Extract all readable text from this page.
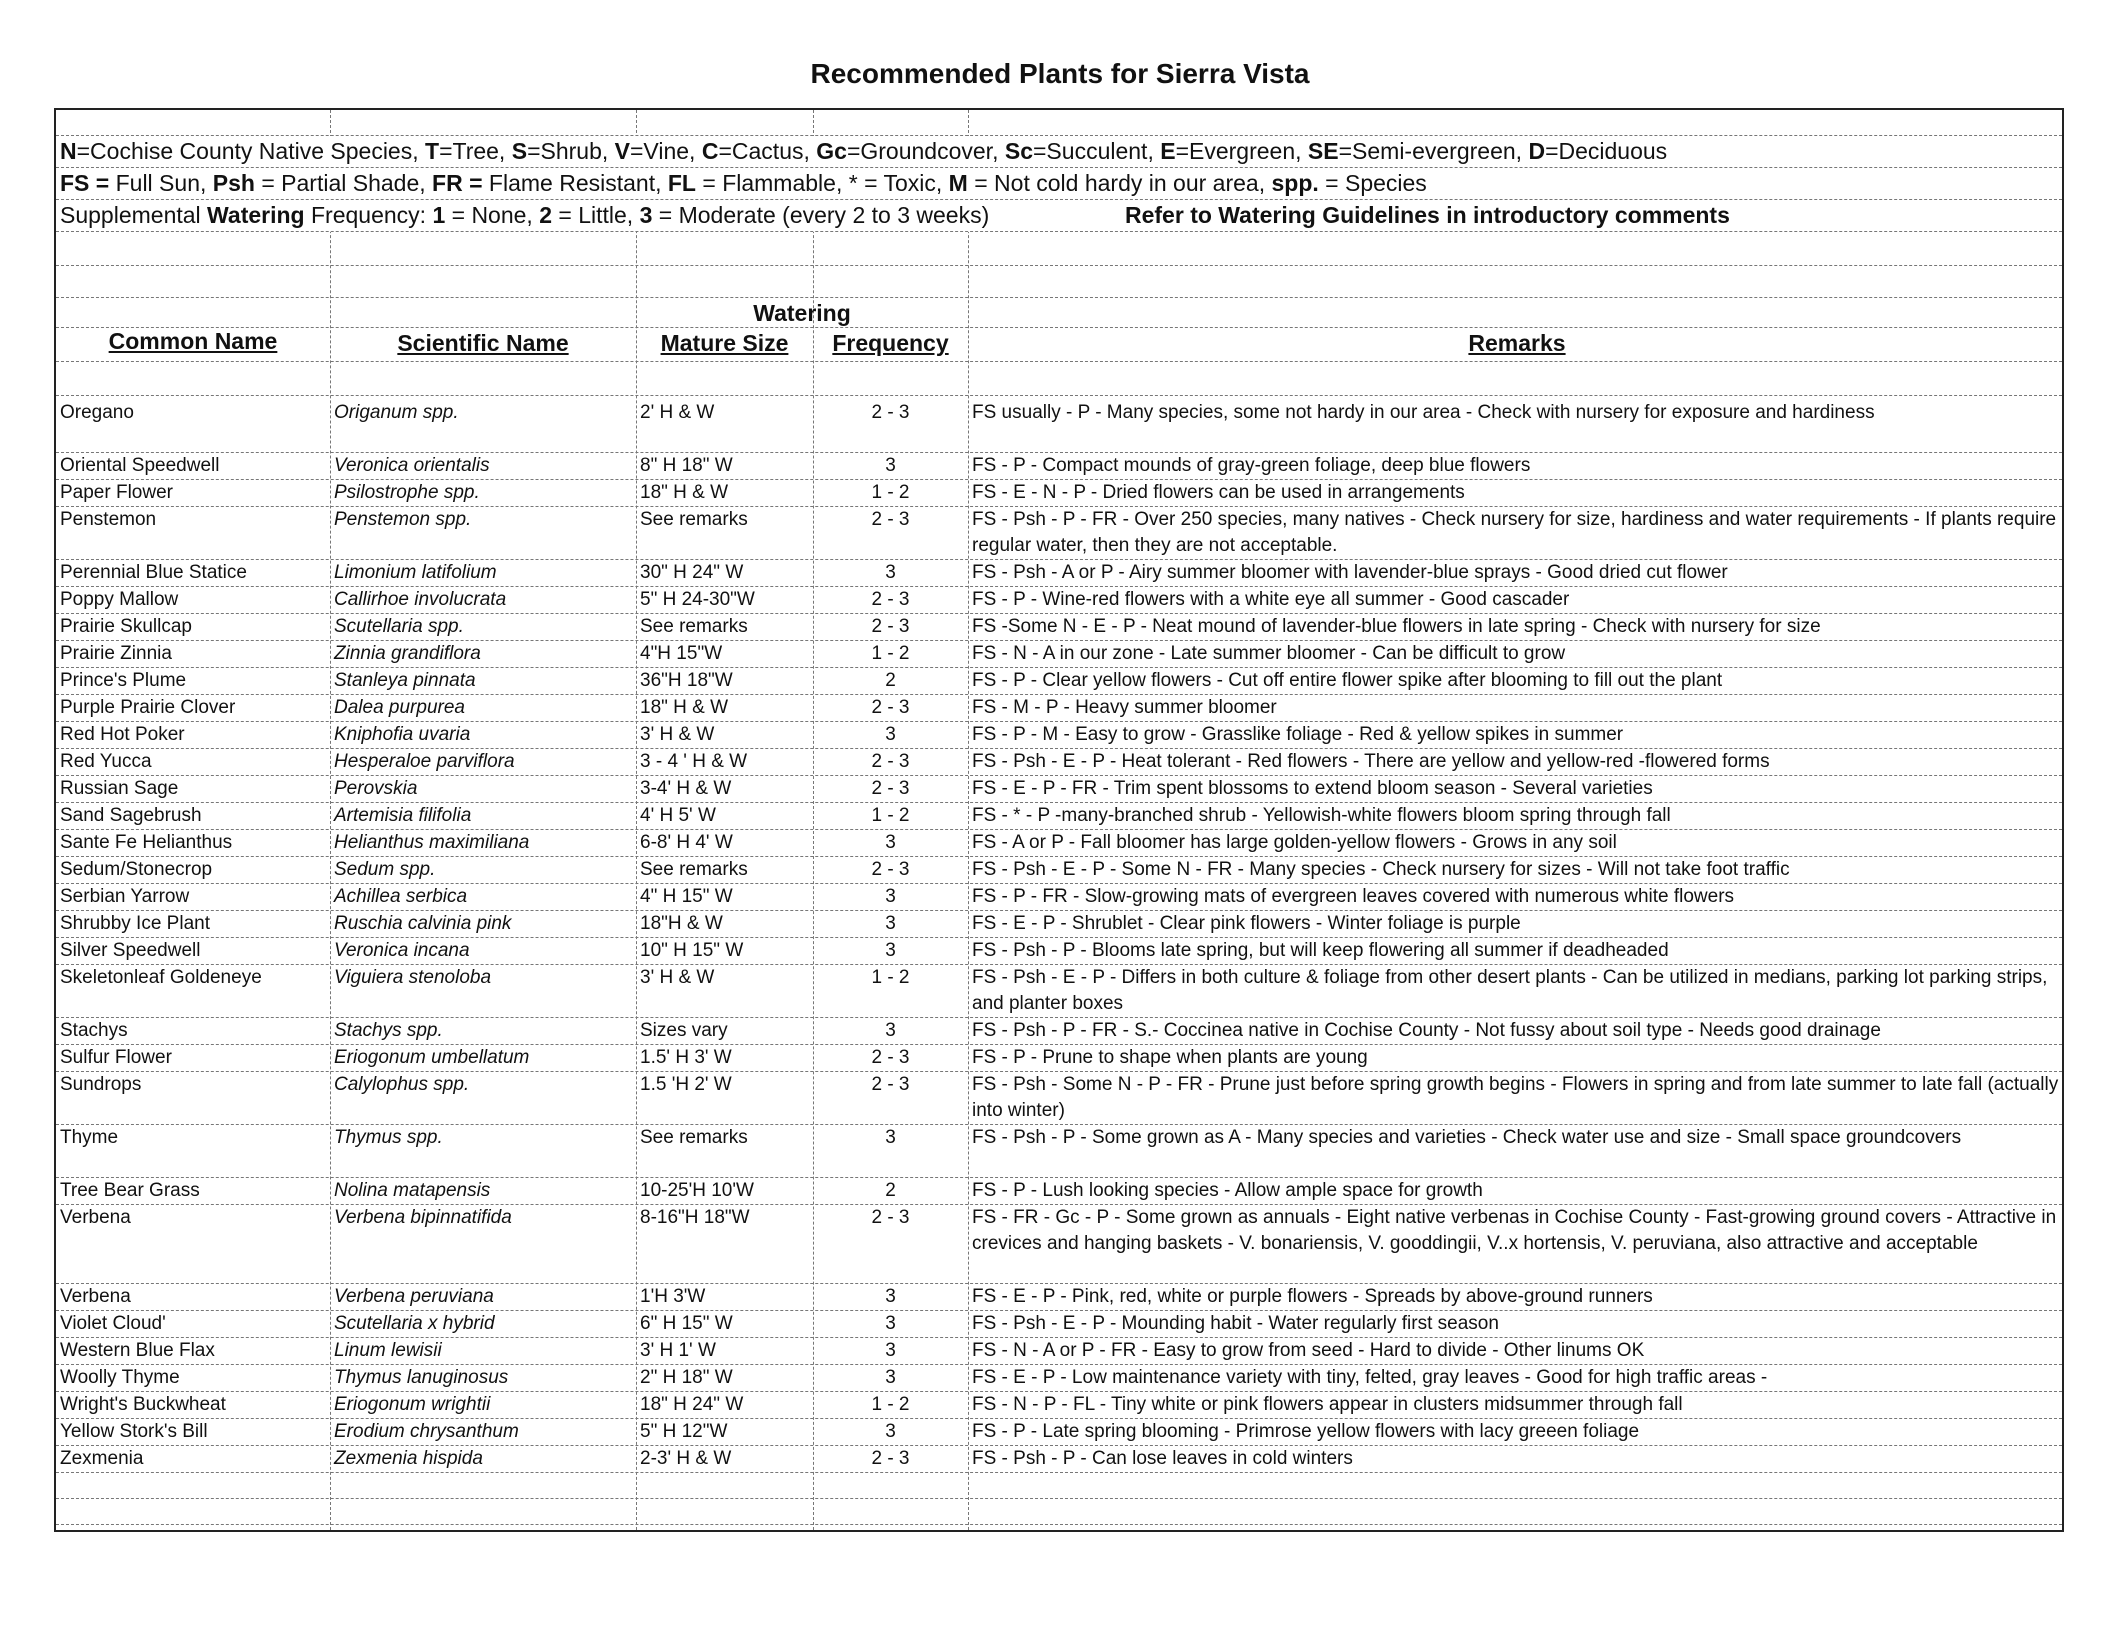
Recommended Plants for Sierra Vista
N=Cochise County Native Species, T=Tree, S=Shrub, V=Vine, C=Cactus, Gc=Groundcover, Sc=Succulent, E=Evergreen, SE=Semi-evergreen, D=Deciduous
FS = Full Sun, Psh = Partial Shade, FR = Flame Resistant, FL = Flammable, * = Toxic, M = Not cold hardy in our area, spp. = Species
Supplemental Watering Frequency: 1 = None, 2 = Little, 3 = Moderate (every 2 to 3 weeks)	Refer to Watering Guidelines in introductory comments
Watering
Common Name	Scientific Name	Mature Size	Frequency	Remarks
Oregano	Origanum spp.	2' H & W	2 - 3	FS usually - P - Many species, some not hardy in our area - Check with nursery for exposure and hardiness
Oriental Speedwell	Veronica orientalis	8" H 18" W	3	FS - P - Compact mounds of gray-green foliage, deep blue flowers
Paper Flower	Psilostrophe spp.	18" H & W	1 - 2	FS - E - N - P - Dried flowers can be used in arrangements
Penstemon	Penstemon spp.	See remarks	2 - 3	FS - Psh - P - FR - Over 250 species, many natives - Check nursery for size, hardiness and water requirements - If plants require regular water, then they are not acceptable.
Perennial Blue Statice	Limonium latifolium	30" H 24" W	3	FS - Psh - A or P - Airy summer bloomer with lavender-blue sprays - Good dried cut flower
Poppy Mallow	Callirhoe involucrata	5" H 24-30"W	2 - 3	FS - P - Wine-red flowers with a white eye all summer - Good cascader
Prairie Skullcap	Scutellaria spp.	See remarks	2 - 3	FS -Some N - E - P - Neat mound of lavender-blue flowers in late spring - Check with nursery for size
Prairie Zinnia	Zinnia grandiflora	4"H 15"W	1 - 2	FS - N - A in our zone - Late summer bloomer - Can be difficult to grow
Prince's Plume	Stanleya pinnata	36"H 18"W	2	FS - P - Clear yellow flowers - Cut off entire flower spike after blooming to fill out the plant
Purple Prairie Clover	Dalea purpurea	18" H & W	2 - 3	FS - M - P - Heavy summer bloomer
Red Hot Poker	Kniphofia uvaria	3' H & W	3	FS - P - M - Easy to grow - Grasslike foliage - Red & yellow spikes in summer
Red Yucca	Hesperaloe parviflora	3 - 4 ' H & W	2 - 3	FS - Psh - E - P - Heat tolerant - Red flowers - There are yellow and yellow-red -flowered forms
Russian Sage	Perovskia	3-4' H & W	2 - 3	FS - E - P - FR - Trim spent blossoms to extend bloom season - Several varieties
Sand Sagebrush	Artemisia filifolia	4' H 5' W	1 - 2	FS - * - P -many-branched shrub - Yellowish-white flowers bloom spring through fall
Sante Fe Helianthus	Helianthus maximiliana	6-8' H 4' W	3	FS - A or P - Fall bloomer has large golden-yellow flowers - Grows in any soil
Sedum/Stonecrop	Sedum spp.	See remarks	2 - 3	FS - Psh - E - P - Some N - FR - Many species - Check nursery for sizes - Will not take foot traffic
Serbian Yarrow	Achillea serbica	4" H 15" W	3	FS - P - FR - Slow-growing mats of evergreen leaves covered with numerous white flowers
Shrubby Ice Plant	Ruschia calvinia pink	18"H & W	3	FS - E - P - Shrublet - Clear pink flowers - Winter foliage is purple
Silver Speedwell	Veronica incana	10" H 15" W	3	FS - Psh - P - Blooms late spring, but will keep flowering all summer if deadheaded
Skeletonleaf Goldeneye	Viguiera stenoloba	3' H & W	1 - 2	FS - Psh - E - P - Differs in both culture & foliage from other desert plants - Can be utilized in medians, parking lot parking strips, and planter boxes
Stachys	Stachys spp.	Sizes vary	3	FS - Psh - P - FR - S.- Coccinea native in Cochise County - Not fussy about soil type - Needs good drainage
Sulfur Flower	Eriogonum umbellatum	1.5' H 3' W	2 - 3	FS - P - Prune to shape when plants are young
Sundrops	Calylophus spp.	1.5 'H 2' W	2 - 3	FS - Psh - Some N - P - FR - Prune just before spring growth begins - Flowers in spring and from late summer to late fall (actually into winter)
Thyme	Thymus spp.	See remarks	3	FS - Psh - P - Some grown as A - Many species and varieties - Check water use and size - Small space groundcovers
Tree Bear Grass	Nolina matapensis	10-25'H 10'W	2	FS - P - Lush looking species - Allow ample space for growth
Verbena	Verbena bipinnatifida	8-16"H 18"W	2 - 3	FS - FR - Gc - P - Some grown as annuals - Eight native verbenas in Cochise County - Fast-growing ground covers - Attractive in crevices and hanging baskets - V. bonariensis, V. gooddingii, V..x hortensis, V. peruviana, also attractive and acceptable
Verbena	Verbena peruviana	1'H 3'W	3	FS - E - P - Pink, red, white or purple flowers - Spreads by above-ground runners
Violet Cloud'	Scutellaria x hybrid	6" H 15" W	3	FS - Psh - E - P - Mounding habit - Water regularly first season
Western Blue Flax	Linum lewisii	3' H 1' W	3	FS - N - A or P - FR - Easy to grow from seed - Hard to divide - Other linums OK
Woolly Thyme	Thymus lanuginosus	2" H 18" W	3	FS - E - P - Low maintenance variety with tiny, felted, gray leaves - Good for high traffic areas -
Wright's Buckwheat	Eriogonum wrightii	18" H 24" W	1 - 2	FS - N - P - FL - Tiny white or pink flowers appear in clusters midsummer through fall
Yellow Stork's Bill	Erodium chrysanthum	5" H 12"W	3	FS - P - Late spring blooming - Primrose yellow flowers with lacy greeen foliage
Zexmenia	Zexmenia hispida	2-3' H & W	2 - 3	FS - Psh - P - Can lose leaves in cold winters
